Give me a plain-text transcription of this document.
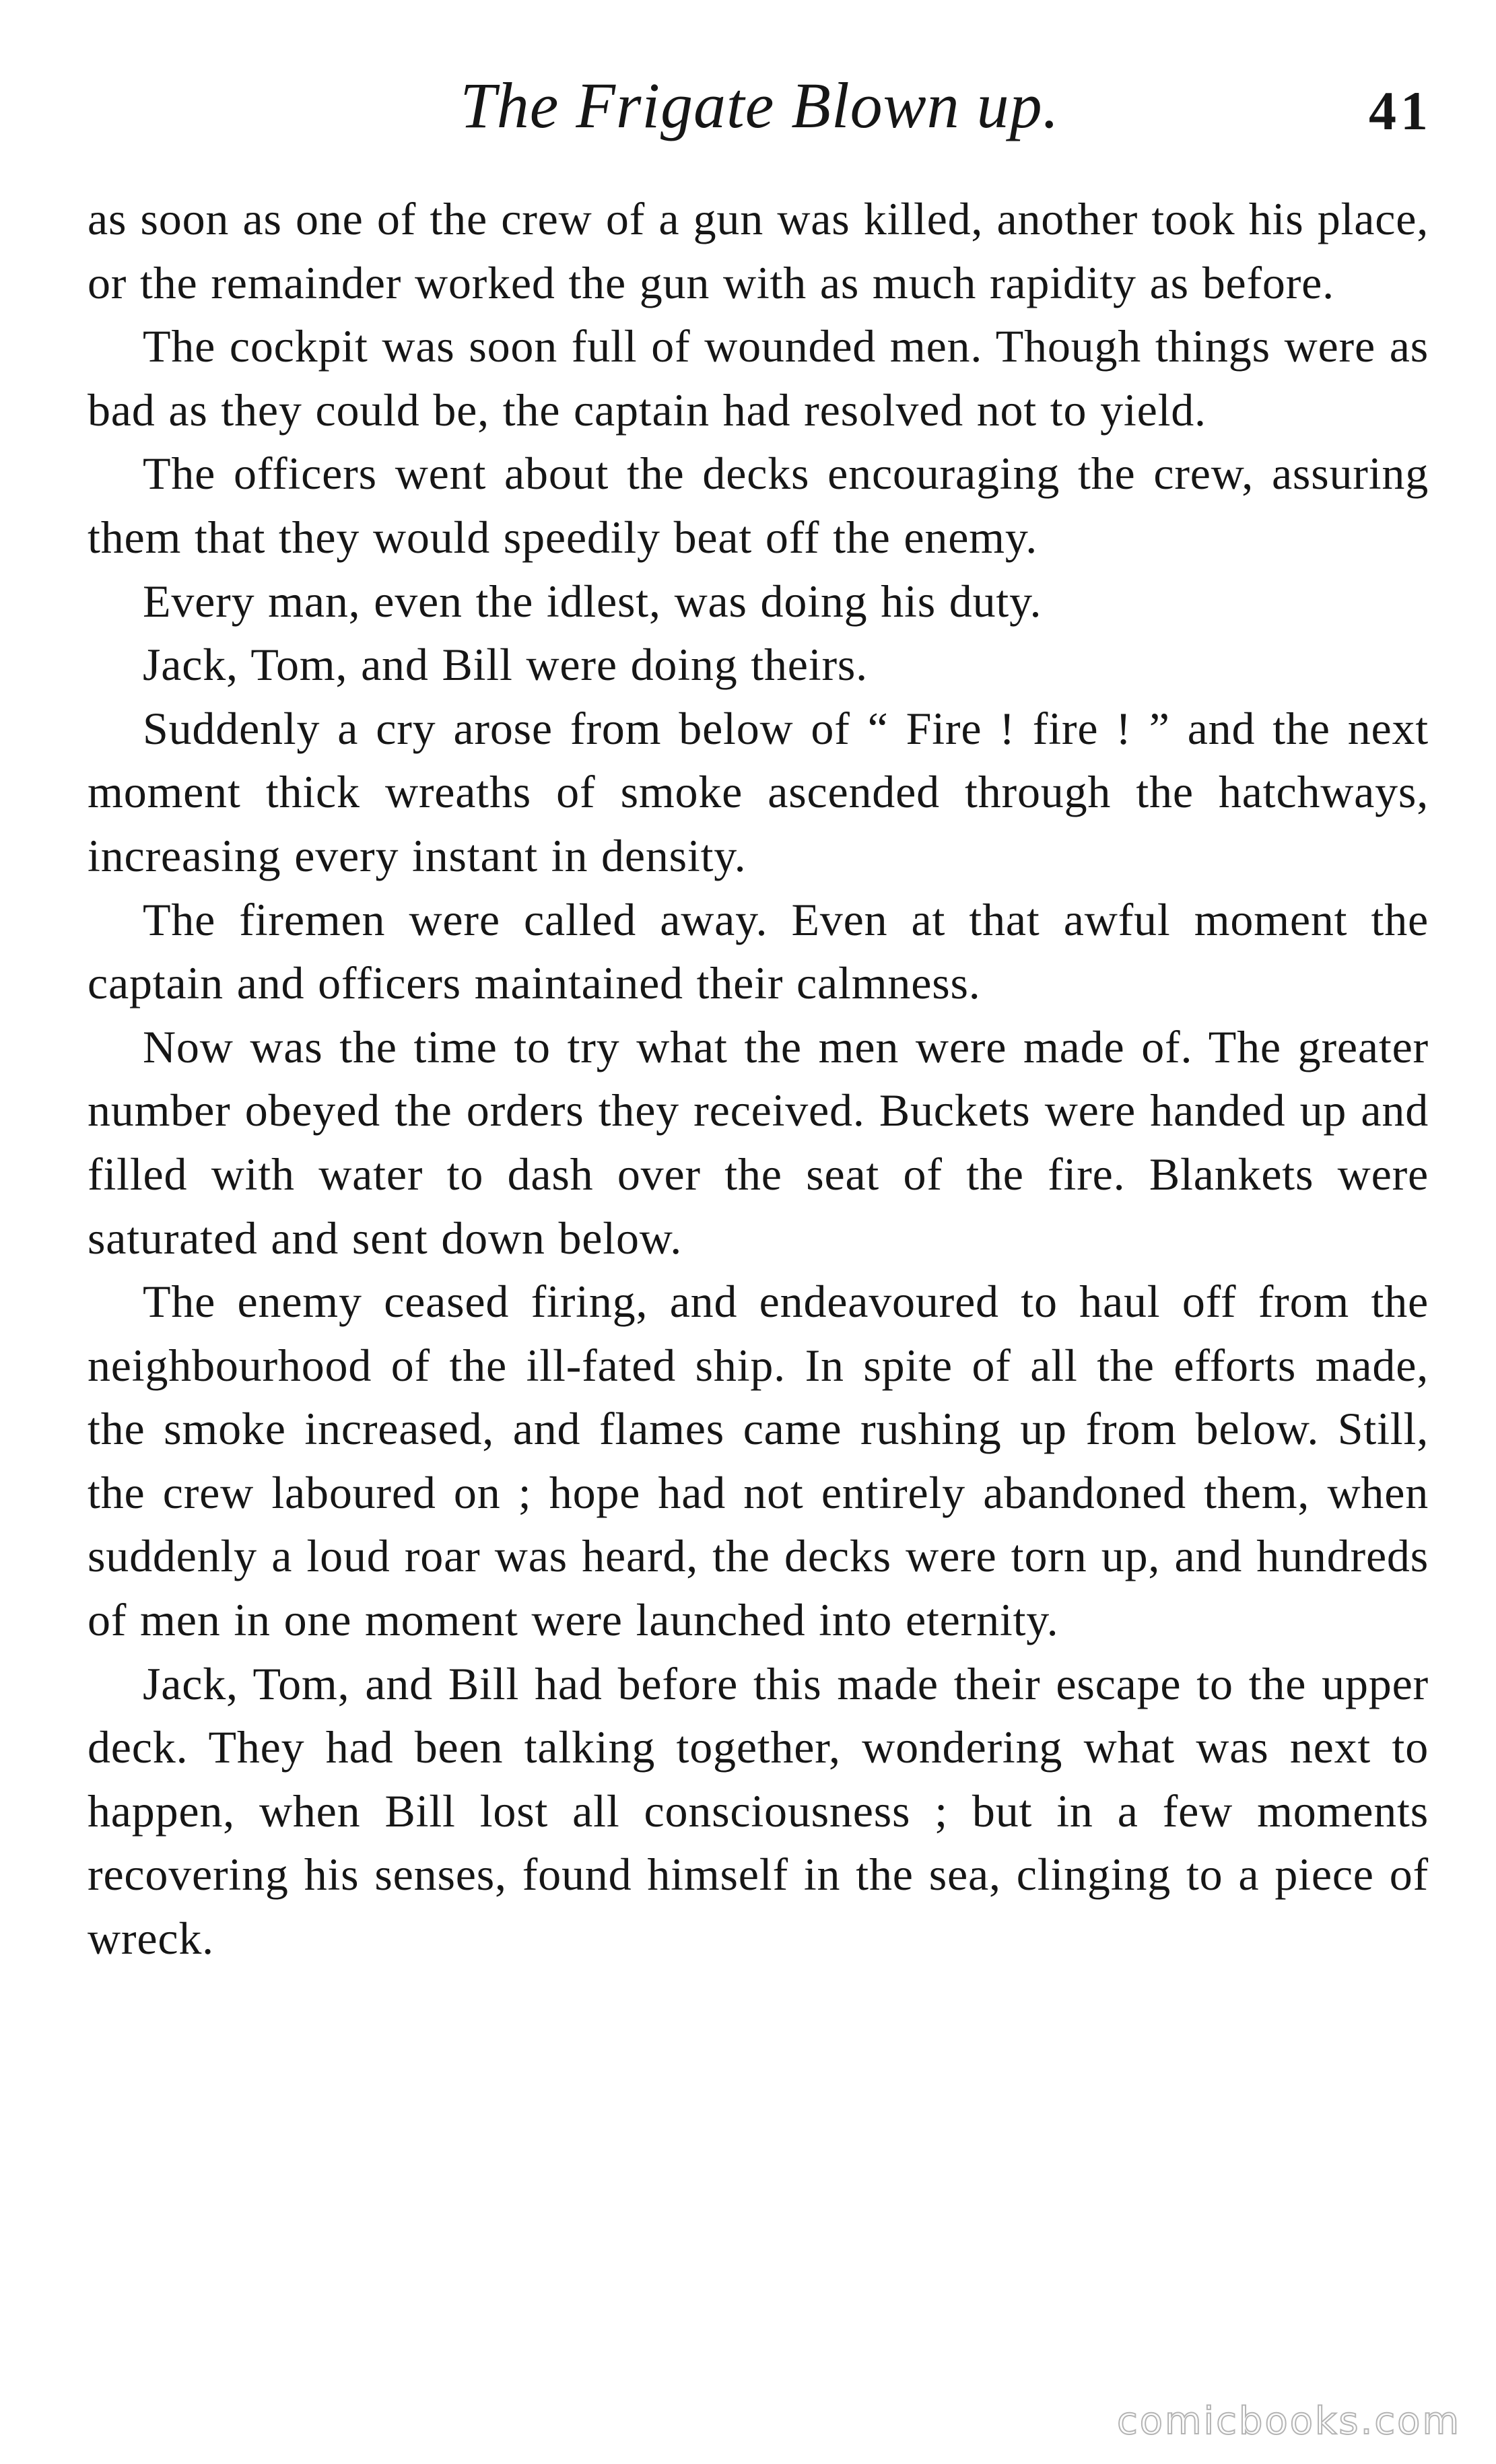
The Frigate Blown up.	41

as soon as one of the crew of a gun was killed, another took his place, or the remainder worked the gun with as much rapidity as before.

The cockpit was soon full of wounded men. Though things were as bad as they could be, the captain had resolved not to yield.

The officers went about the decks encouraging the crew, assuring them that they would speedily beat off the enemy.

Every man, even the idlest, was doing his duty.

Jack, Tom, and Bill were doing theirs.

Suddenly a cry arose from below of “ Fire ! fire ! ” and the next moment thick wreaths of smoke ascended through the hatchways, increasing every instant in density.

The firemen were called away. Even at that awful moment the captain and officers maintained their calmness.

Now was the time to try what the men were made of. The greater number obeyed the orders they received. Buckets were handed up and filled with water to dash over the seat of the fire. Blankets were saturated and sent down below.

The enemy ceased firing, and endeavoured to haul off from the neighbourhood of the ill-fated ship. In spite of all the efforts made, the smoke increased, and flames came rushing up from below. Still, the crew laboured on ; hope had not entirely abandoned them, when suddenly a loud roar was heard, the decks were torn up, and hundreds of men in one moment were launched into eternity.

Jack, Tom, and Bill had before this made their escape to the upper deck. They had been talking together, wondering what was next to happen, when Bill lost all consciousness ; but in a few moments recovering his senses, found himself in the sea, clinging to a piece of wreck.

comicbooks.com
